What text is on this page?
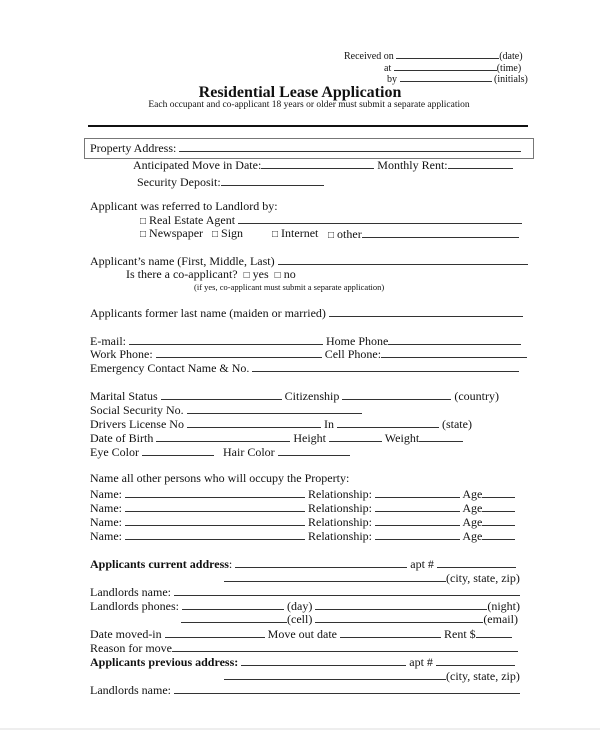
Received on	(date)
at	(time)
by	(initials)
Residential Lease Application
Each occupant and co-applicant 18 years or older must submit a separate application
Property Address:
Anticipated Move in Date:	Monthly Rent:
Security Deposit:
Applicant was referred to Landlord by:
□ Real Estate Agent
□ Newspaper □ Sign	□ Internet □ other
Applicant’s name (First, Middle, Last)
Is there a co-applicant? □ yes □ no
(if yes, co-applicant must submit a separate application)
Applicants former last name (maiden or married)
E-mail:	Home Phone
Work Phone:	Cell Phone:
Emergency Contact Name & No.
Marital Status	Citizenship	(country)
Social Security No.
Drivers License No	In	(state)
Date of Birth	Height	Weight
Eye Color	Hair Color
Name all other persons who will occupy the Property:
Name:	Relationship:	Age
Name:	Relationship:	Age
Name:	Relationship:	Age
Name:	Relationship:	Age
Applicants current address:	apt #
(city, state, zip)
Landlords name:
Landlords phones:	(day)	(night)
(cell)	(email)
Date moved-in	Move out date	Rent $
Reason for move
Applicants previous address:	apt #
(city, state, zip)
Landlords name:
